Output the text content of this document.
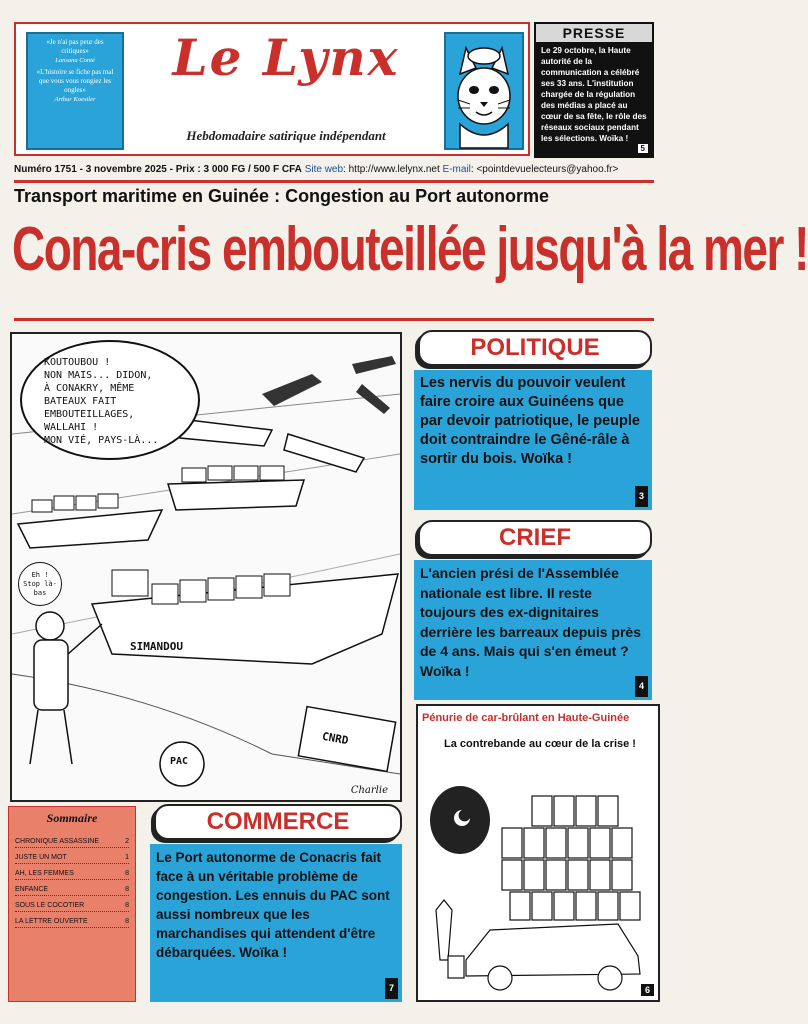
«Je n'ai pas peur des critiques»
Lansana Conté
«L'histoire se fiche pas mal que vous vous rongiez les ongles»
Arthur Koestler
Le Lynx
Hebdomadaire satirique indépendant
PRESSE
Le 29 octobre, la Haute autorité de la communication a célébré ses 33 ans. L'institution chargée de la régulation des médias a placé au cœur de sa fête, le rôle des réseaux sociaux pendant les sélections. Woïka !
5
Numéro 1751 - 3 novembre 2025 - Prix : 3 000 FG / 500 F CFA Site web: http://www.lelynx.net E-mail: <pointdevuelecteurs@yahoo.fr>
Transport maritime en Guinée : Congestion au Port autonorme
Cona-cris embouteillée jusqu'à la mer !
KOUTOUBOU !
NON MAIS... DIDON,
À CONAKRY, MÊME
BATEAUX FAIT
EMBOUTEILLAGES,
WALLAHI !
MON VIÉ, PAYS-LÀ...
Eh ! Stop là-bas
SIMANDOU
PAC
CNRD
Charlie
POLITIQUE
Les nervis du pouvoir veulent faire croire aux Guinéens que par devoir patriotique, le peuple doit contraindre le Gêné-râle à sortir du bois. Woïka !
3
CRIEF
L'ancien prési de l'Assemblée nationale est libre. Il reste toujours des ex-dignitaires derrière les barreaux depuis près de 4 ans. Mais qui s'en émeut ? Woïka !
4
Pénurie de car-brûlant en Haute-Guinée
La contrebande au cœur de la crise !
6
Sommaire
CHRONIQUE ASSASSINE	2
JUSTE UN MOT	1
AH, LES FEMMES	8
ENFANCE	8
SOUS LE COCOTIER	8
LA LETTRE OUVERTE	8
COMMERCE
Le Port autonorme de Conacris fait face à un véritable problème de congestion. Les ennuis du PAC sont aussi nombreux que les marchandises qui attendent d'être débarquées. Woïka !
7
